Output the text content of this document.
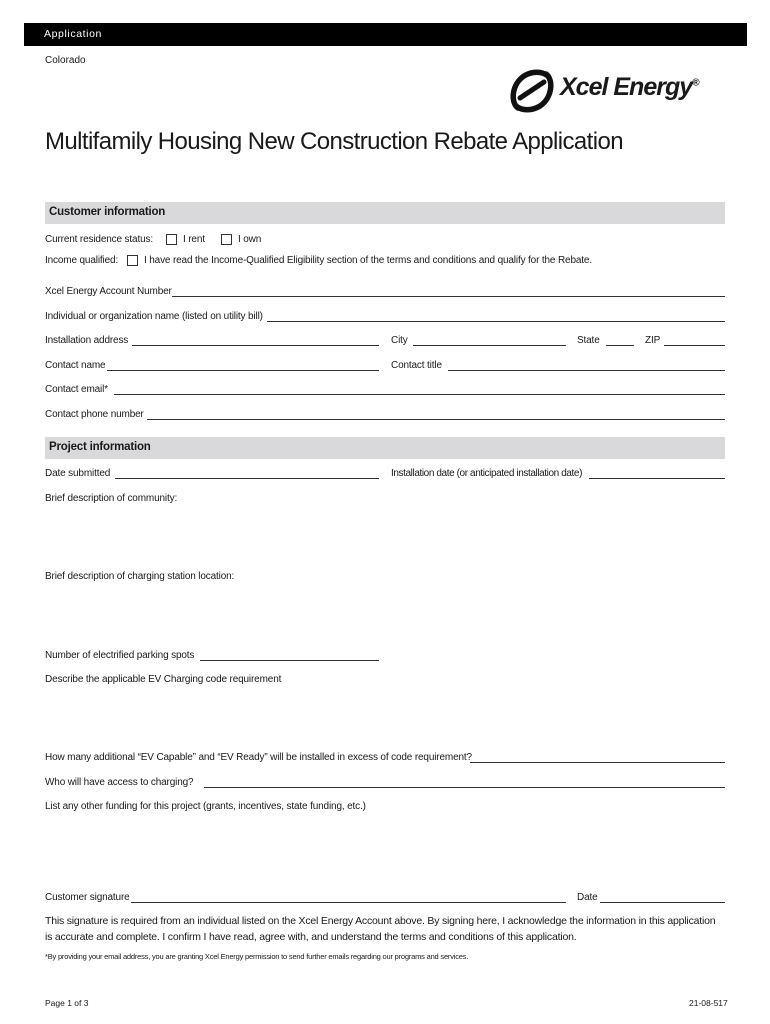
Application
Colorado
Xcel Energy®
Multifamily Housing New Construction Rebate Application
Customer information
Current residence status:	I rent	I own
Income qualified:	I have read the Income-Qualified Eligibility section of the terms and conditions and qualify for the Rebate.
Xcel Energy Account Number
Individual or organization name (listed on utility bill)
Installation address	City	State	ZIP
Contact name	Contact title
Contact email*
Contact phone number
Project information
Date submitted	Installation date (or anticipated installation date)
Brief description of community:
Brief description of charging station location:
Number of electrified parking spots
Describe the applicable EV Charging code requirement
How many additional “EV Capable” and “EV Ready” will be installed in excess of code requirement?
Who will have access to charging?
List any other funding for this project (grants, incentives, state funding, etc.)
Customer signature	Date
This signature is required from an individual listed on the Xcel Energy Account above. By signing here, I acknowledge the information in this application is accurate and complete. I confirm I have read, agree with, and understand the terms and conditions of this application.
*By providing your email address, you are granting Xcel Energy permission to send further emails regarding our programs and services.
Page 1 of 3	21-08-517
